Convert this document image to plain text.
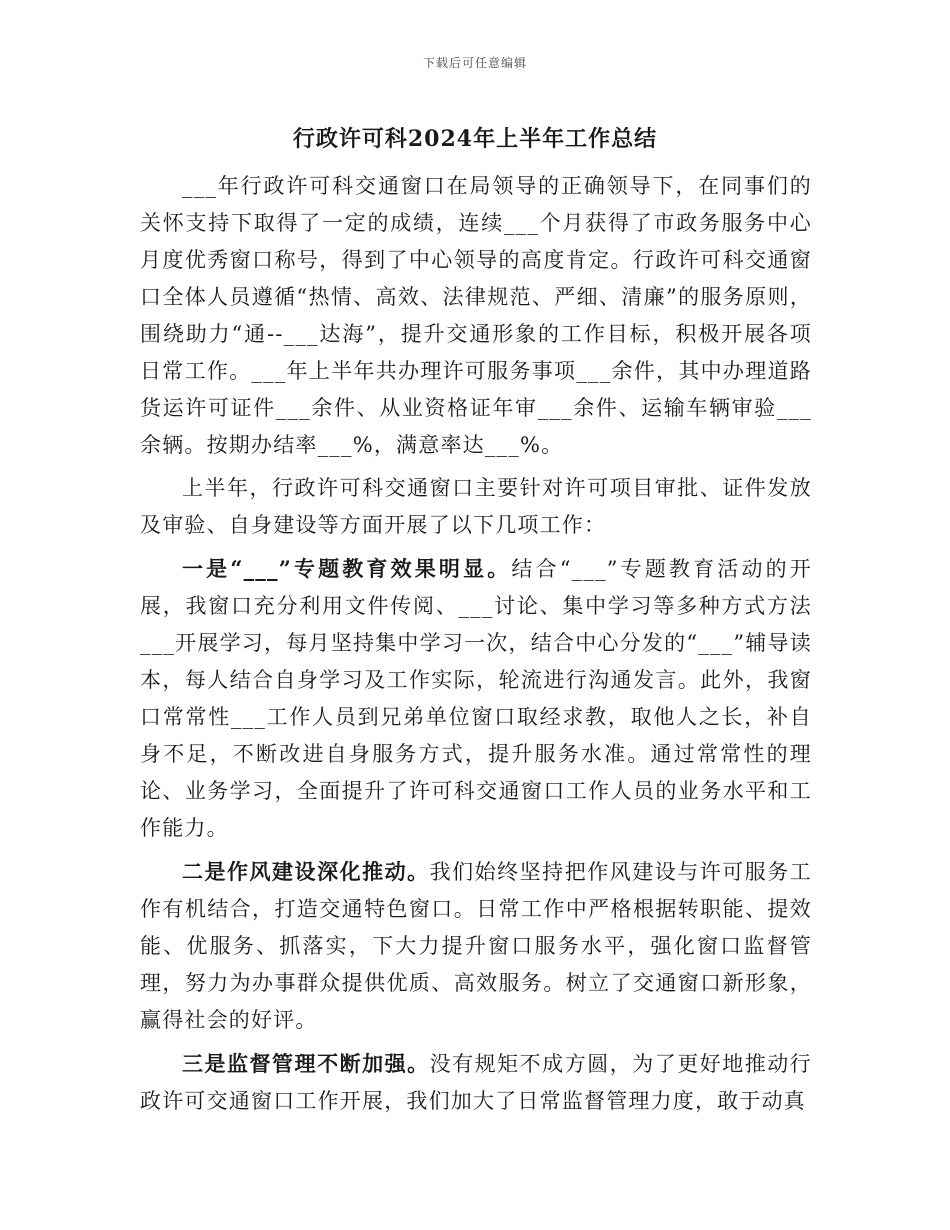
下载后可任意编辑
行政许可科2024年上半年工作总结

___年行政许可科交通窗口在局领导的正确领导下，在同事们的关怀支持下取得了一定的成绩，连续___个月获得了市政务服务中心月度优秀窗口称号，得到了中心领导的高度肯定。行政许可科交通窗口全体人员遵循“热情、高效、法律规范、严细、清廉”的服务原则，围绕助力“通--___达海”，提升交通形象的工作目标，积极开展各项日常工作。___年上半年共办理许可服务事项___余件，其中办理道路货运许可证件___余件、从业资格证年审___余件、运输车辆审验___余辆。按期办结率___%，满意率达___%。

上半年，行政许可科交通窗口主要针对许可项目审批、证件发放及审验、自身建设等方面开展了以下几项工作：

一是“___”专题教育效果明显。结合“___”专题教育活动的开展，我窗口充分利用文件传阅、___讨论、集中学习等多种方式方法___开展学习，每月坚持集中学习一次，结合中心分发的“___”辅导读本，每人结合自身学习及工作实际，轮流进行沟通发言。此外，我窗口常常性___工作人员到兄弟单位窗口取经求教，取他人之长，补自身不足，不断改进自身服务方式，提升服务水准。通过常常性的理论、业务学习，全面提升了许可科交通窗口工作人员的业务水平和工作能力。

二是作风建设深化推动。我们始终坚持把作风建设与许可服务工作有机结合，打造交通特色窗口。日常工作中严格根据转职能、提效能、优服务、抓落实，下大力提升窗口服务水平，强化窗口监督管理，努力为办事群众提供优质、高效服务。树立了交通窗口新形象，赢得社会的好评。

三是监督管理不断加强。没有规矩不成方圆，为了更好地推动行政许可交通窗口工作开展，我们加大了日常监督管理力度，敢于动真
